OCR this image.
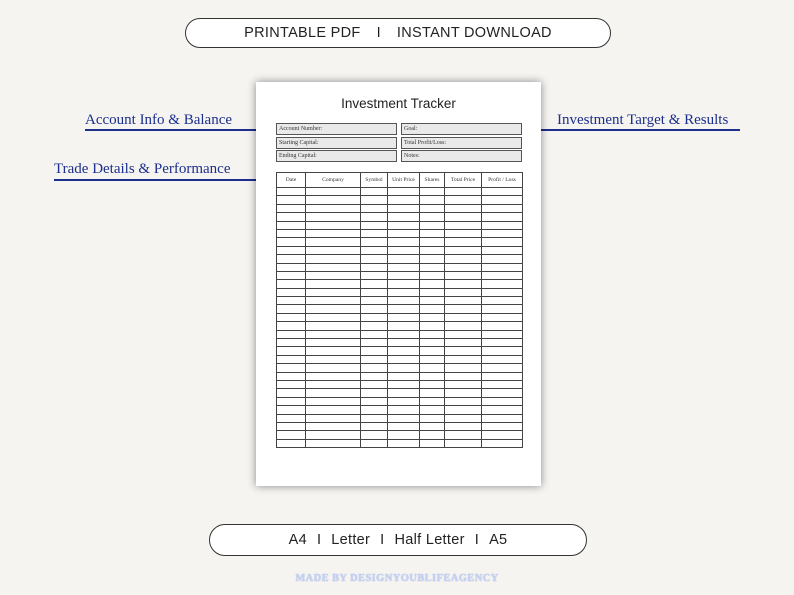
PRINTABLE PDF	I	INSTANT DOWNLOAD
Account Info & Balance
Trade Details & Performance
Investment Target & Results
Investment Tracker
Account Number:	Goal:
Starting Capital:	Total Profit/Loss:
Ending Capital:	Notes:
Date	Company	Symbol	Unit Price	Shares	Total Price	Profit / Loss

A4 I Letter I Half Letter I A5
MADE BY DESIGNYOUBLIFEAGENCY
